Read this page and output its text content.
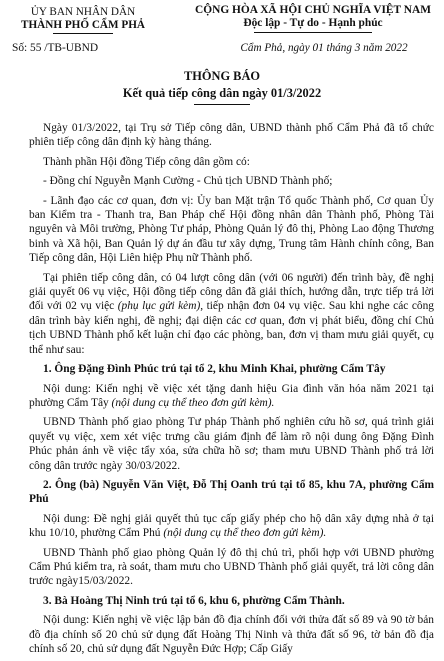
ỦY BAN NHÂN DÂN
THÀNH PHỐ CẨM PHẢ
CỘNG HÒA XÃ HỘI CHỦ NGHĨA VIỆT NAM
Độc lập - Tự do - Hạnh phúc
Số: 55 /TB-UBND	Cẩm Phả, ngày 01 tháng 3 năm 2022
THÔNG BÁO
Kết quả tiếp công dân ngày 01/3/2022

Ngày 01/3/2022, tại Trụ sở Tiếp công dân, UBND thành phố Cẩm Phả đã tổ chức phiên tiếp công dân định kỳ hàng tháng.

Thành phần Hội đồng Tiếp công dân gồm có:

- Đồng chí Nguyễn Mạnh Cường - Chủ tịch UBND Thành phố;

- Lãnh đạo các cơ quan, đơn vị: Ủy ban Mặt trận Tổ quốc Thành phố, Cơ quan Ủy ban Kiểm tra - Thanh tra, Ban Pháp chế Hội đồng nhân dân Thành phố, Phòng Tài nguyên và Môi trường, Phòng Tư pháp, Phòng Quản lý đô thị, Phòng Lao động Thương binh và Xã hội, Ban Quản lý dự án đầu tư xây dựng, Trung tâm Hành chính công, Ban Tiếp công dân, Hội Liên hiệp Phụ nữ Thành phố.

Tại phiên tiếp công dân, có 04 lượt công dân (với 06 người) đến trình bày, đề nghị giải quyết 06 vụ việc, Hội đồng tiếp công dân đã giải thích, hướng dẫn, trực tiếp trả lời đối với 02 vụ việc (phụ lục gửi kèm), tiếp nhận đơn 04 vụ việc. Sau khi nghe các công dân trình bày kiến nghị, đề nghị; đại diện các cơ quan, đơn vị phát biểu, đồng chí Chủ tịch UBND Thành phố kết luận chỉ đạo các phòng, ban, đơn vị tham mưu giải quyết, cụ thể như sau:

1. Ông Đặng Đình Phúc trú tại tổ 2, khu Minh Khai, phường Cẩm Tây

Nội dung: Kiến nghị về việc xét tặng danh hiệu Gia đình văn hóa năm 2021 tại phường Cẩm Tây (nội dung cụ thể theo đơn gửi kèm).

UBND Thành phố giao phòng Tư pháp Thành phố nghiên cứu hồ sơ, quá trình giải quyết vụ việc, xem xét việc trưng cầu giám định để làm rõ nội dung ông Đặng Đình Phúc phản ánh về việc tẩy xóa, sửa chữa hồ sơ; tham mưu UBND Thành phố trả lời công dân trước ngày 30/03/2022.

2. Ông (bà) Nguyễn Văn Việt, Đỗ Thị Oanh trú tại tổ 85, khu 7A, phường Cẩm Phú

Nội dung: Đề nghị giải quyết thủ tục cấp giấy phép cho hộ dân xây dựng nhà ở tại khu 10/10, phường Cẩm Phú (nội dung cụ thể theo đơn gửi kèm).

UBND Thành phố giao phòng Quản lý đô thị chủ trì, phối hợp với UBND phường Cẩm Phú kiểm tra, rà soát, tham mưu cho UBND Thành phố giải quyết, trả lời công dân trước ngày15/03/2022.

3. Bà Hoàng Thị Ninh trú tại tổ 6, khu 6, phường Cẩm Thành.

Nội dung: Kiến nghị về việc lập bản đồ địa chính đối với thửa đất số 89 và 90 tờ bản đồ địa chính số 20 chủ sử dụng đất Hoàng Thị Ninh và thửa đất số 96, tờ bản đồ địa chính số 20, chủ sử dụng đất Nguyễn Đức Hợp; Cấp Giấy
